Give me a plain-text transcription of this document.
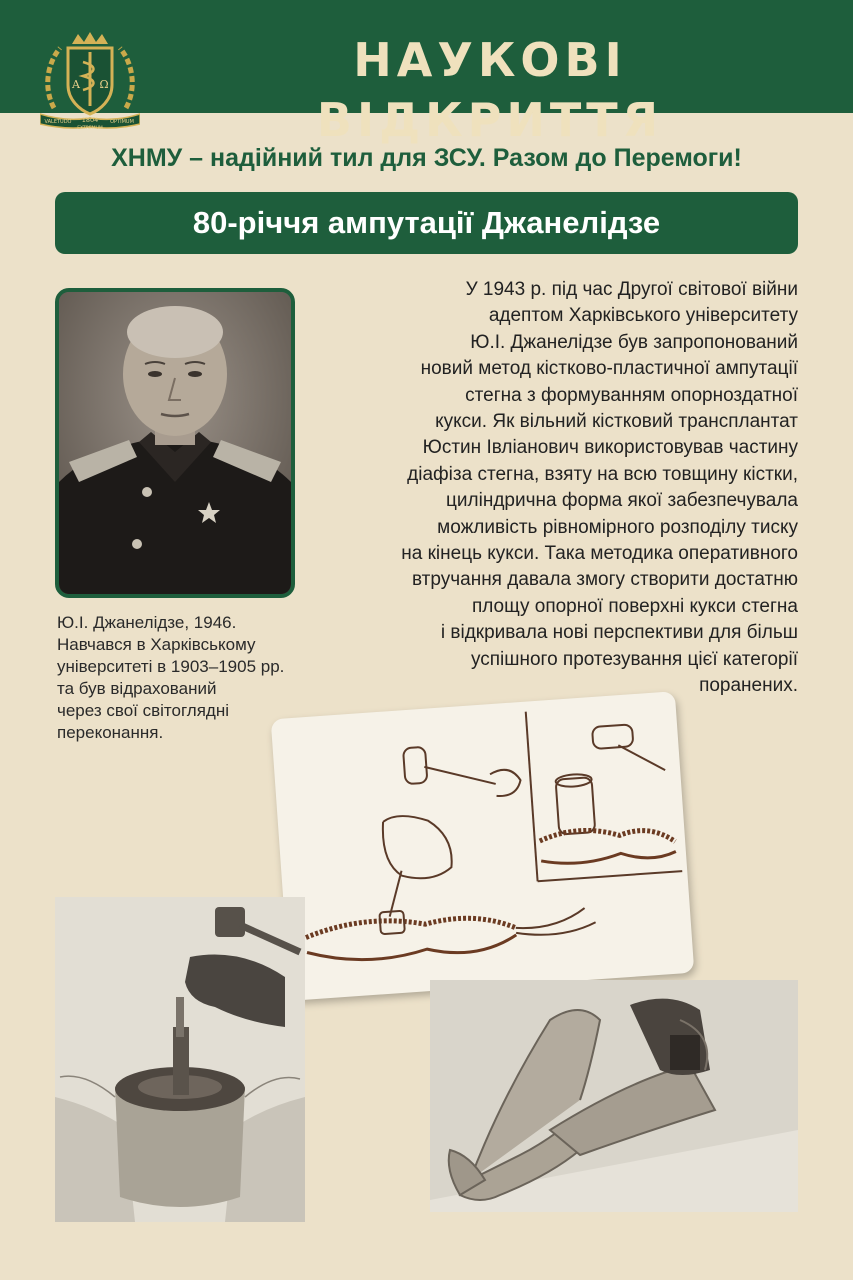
Α Ω
VALETUDO	OPTIMUM
1804
EXTREMUM
НАУКОВІ ВІДКРИТТЯ
ХНМУ – надійний тил для ЗСУ. Разом до Перемоги!
80-річчя ампутації Джанелідзе
Ю.І. Джанелідзе, 1946.
Навчався в Харківському
університеті в 1903–1905 рр.
та був відрахований
через свої світоглядні
переконання.
У 1943 р. під час Другої світової війни
адептом Харківського університету
Ю.І. Джанелідзе був запропонований
новий метод кістково-пластичної ампутації
стегна з формуванням опорноздатної
кукси. Як вільний кістковий трансплантат
Юстин Івліанович використовував частину
діафіза стегна, взяту на всю товщину кістки,
циліндрична форма якої забезпечувала
можливість рівномірного розподілу тиску
на кінець кукси. Така методика оперативного
втручання давала змогу створити достатню
площу опорної поверхні кукси стегна
і відкривала нові перспективи для більш
успішного протезування цієї категорії
поранених.
